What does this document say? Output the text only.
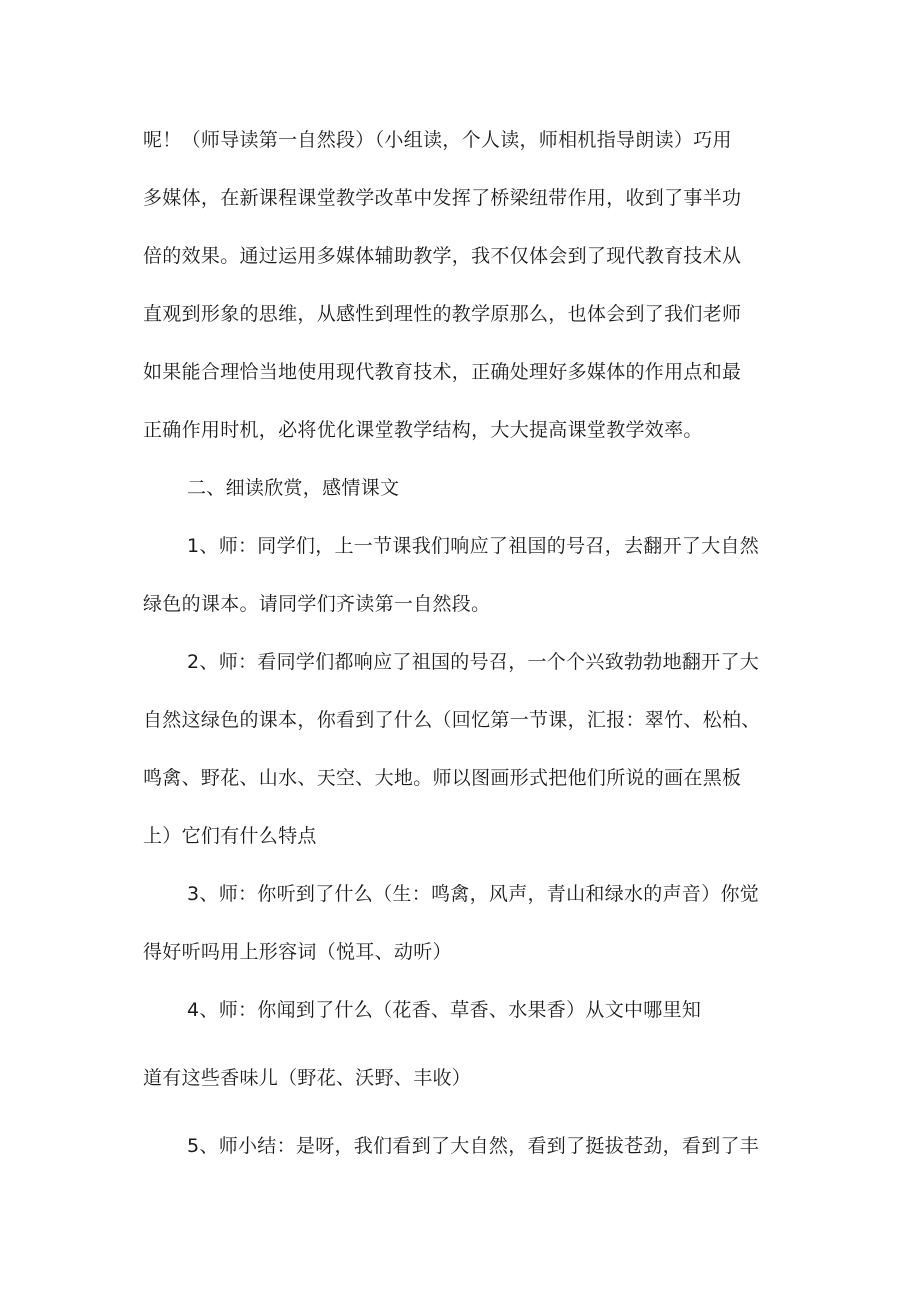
呢！（师导读第一自然段）（小组读，个人读，师相机指导朗读）巧用
多媒体，在新课程课堂教学改革中发挥了桥梁纽带作用，收到了事半功
倍的效果。通过运用多媒体辅助教学，我不仅体会到了现代教育技术从
直观到形象的思维，从感性到理性的教学原那么，也体会到了我们老师
如果能合理恰当地使用现代教育技术，正确处理好多媒体的作用点和最
正确作用时机，必将优化课堂教学结构，大大提高课堂教学效率。
二、细读欣赏，感情课文
1、师：同学们，上一节课我们响应了祖国的号召，去翻开了大自然
绿色的课本。请同学们齐读第一自然段。
2、师：看同学们都响应了祖国的号召，一个个兴致勃勃地翻开了大
自然这绿色的课本，你看到了什么（回忆第一节课，汇报：翠竹、松柏、
鸣禽、野花、山水、天空、大地。师以图画形式把他们所说的画在黑板
上）它们有什么特点
3、师：你听到了什么（生：鸣禽，风声，青山和绿水的声音）你觉
得好听吗用上形容词（悦耳、动听）
4、师：你闻到了什么（花香、草香、水果香）从文中哪里知
道有这些香味儿（野花、沃野、丰收）
5、师小结：是呀，我们看到了大自然，看到了挺拔苍劲，看到了丰
